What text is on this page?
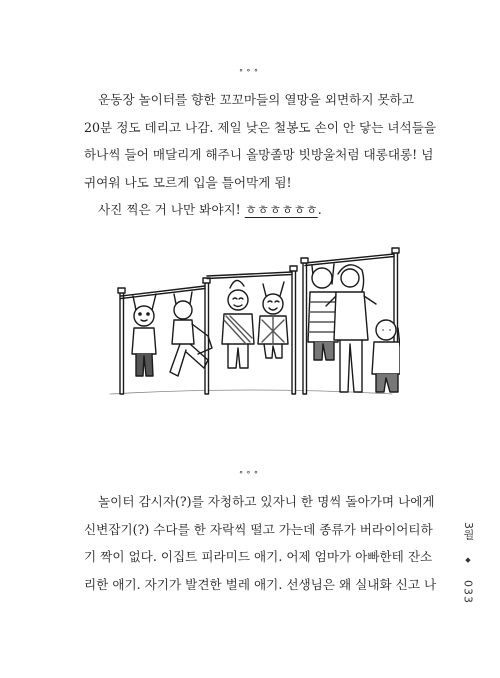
∘∘∘

운동장 놀이터를 향한 꼬꼬마들의 열망을 외면하지 못하고

20분 정도 데리고 나감. 제일 낮은 철봉도 손이 안 닿는 녀석들을

하나씩 들어 매달리게 해주니 올망졸망 빗방울처럼 대롱대롱! 넘

귀여워 나도 모르게 입을 틀어막게 됨!

사진 찍은 거 나만 봐야지! ㅎㅎㅎㅎㅎㅎ.

∘∘∘

놀이터 감시자(?)를 자청하고 있자니 한 명씩 돌아가며 나에게

신변잡기(?) 수다를 한 자락씩 떨고 가는데 종류가 버라이어티하

기 짝이 없다. 이집트 피라미드 애기. 어제 엄마가 아빠한테 잔소

리한 애기. 자기가 발견한 벌레 애기. 선생님은 왜 실내화 신고 나

3월
◆
033
